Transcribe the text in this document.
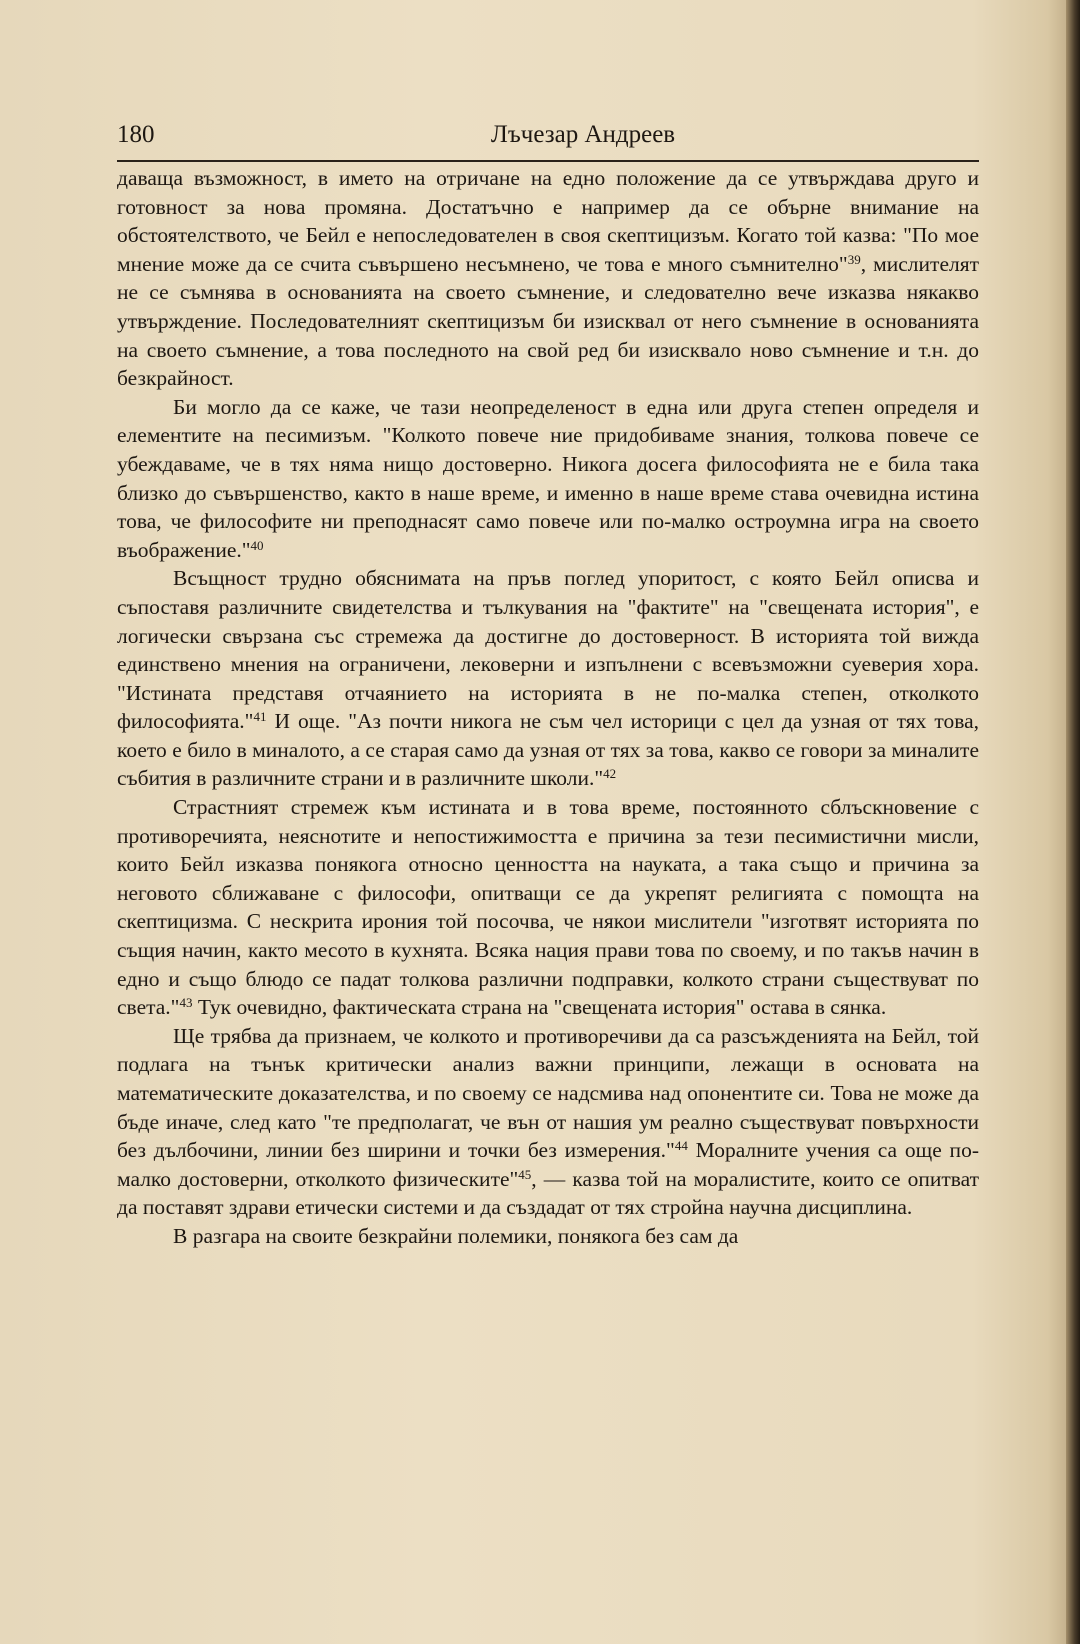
180	Лъчезар Андреев

даваща възможност, в името на отричане на едно положение да се утвърждава друго и готовност за нова промяна. Достатъчно е например да се обърне внимание на обстоятелството, че Бейл е непоследователен в своя скептицизъм. Когато той казва: "По мое мнение може да се счита съвършено несъмнено, че това е много съмнително"$^{39}$, мислителят не се съмнява в основанията на своето съмнение, и следователно вече изказва някакво утвърждение. Последователният скептицизъм би изисквал от него съмнение в основанията на своето съмнение, а това последното на свой ред би изисквало ново съмнение и т.н. до безкрайност.

Би могло да се каже, че тази неопределеност в една или друга степен определя и елементите на песимизъм. "Колкото повече ние придобиваме знания, толкова повече се убеждаваме, че в тях няма нищо достоверно. Никога досега философията не е била така близко до съвършенство, както в наше време, и именно в наше време става очевидна истина това, че философите ни преподнасят само повече или по-малко остроумна игра на своето въображение."$^{40}$

Всъщност трудно обяснимата на пръв поглед упоритост, с която Бейл описва и съпоставя различните свидетелства и тълкувания на "фактите" на "свещената история", е логически свързана със стремежа да достигне до достоверност. В историята той вижда единствено мнения на ограничени, лековерни и изпълнени с всевъзможни суеверия хора. "Истината представя отчаянието на историята в не по-малка степен, отколкото философията."$^{41}$ И още. "Аз почти никога не съм чел историци с цел да узная от тях това, което е било в миналото, а се старая само да узная от тях за това, какво се говори за миналите събития в различните страни и в различните школи."$^{42}$

Страстният стремеж към истината и в това време, постоянното сблъскновение с противоречията, неяснотите и непостижимостта е причина за тези песимистични мисли, които Бейл изказва понякога относно ценността на науката, а така също и причина за неговото сближаване с философи, опитващи се да укрепят религията с помощта на скептицизма. С нескрита ирония той посочва, че някои мислители "изготвят историята по същия начин, както месото в кухнята. Всяка нация прави това по своему, и по такъв начин в едно и също блюдо се падат толкова различни подправки, колкото страни съществуват по света."$^{43}$ Тук очевидно, фактическата страна на "свещената история" остава в сянка.

Ще трябва да признаем, че колкото и противоречиви да са разсъжденията на Бейл, той подлага на тънък критически анализ важни принципи, лежащи в основата на математическите доказателства, и по своему се надсмива над опонентите си. Това не може да бъде иначе, след като "те предполагат, че вън от нашия ум реално съществуват повърхности без дълбочини, линии без ширини и точки без измерения."$^{44}$ Моралните учения са още по-малко достоверни, отколкото физическите"$^{45}$, — казва той на моралистите, които се опитват да поставят здрави етически системи и да създадат от тях стройна научна дисциплина.

В разгара на своите безкрайни полемики, понякога без сам да
